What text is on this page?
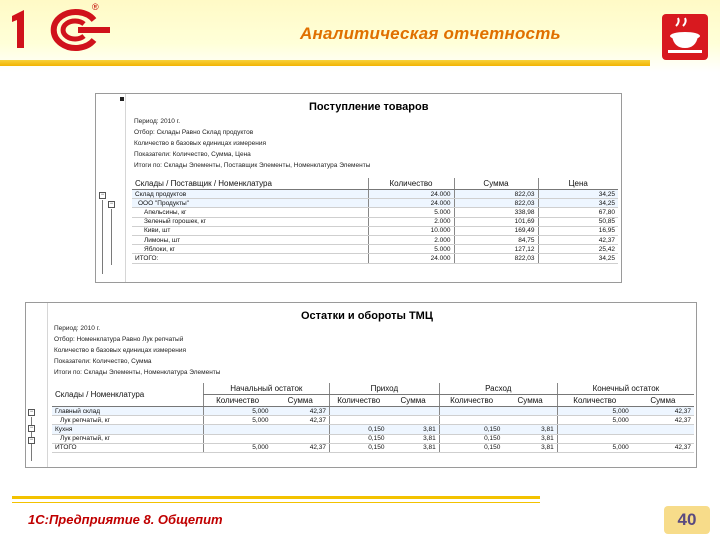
®
Аналитическая отчетность
−
−
Поступление товаров
Период: 2010 г.
Отбор: Склады Равно Склад продуктов
Количество в базовых единицах измерения
Показатели: Количество, Сумма, Цена
Итоги по: Склады Элементы, Поставщик Элементы, Номенклатура Элементы
Склады / Поставщик / Номенклатура	Количество	Сумма	Цена
Склад продуктов	24.000	822,03	34,25
ООО "Продукты"	24.000	822,03	34,25
Апельсины, кг	5.000	338,98	67,80
Зеленый горошек, кг	2.000	101,69	50,85
Киви, шт	10.000	169,49	16,95
Лимоны, шт	2.000	84,75	42,37
Яблоки, кг	5.000	127,12	25,42
ИТОГО:	24.000	822,03	34,25
−
−
−
Остатки и обороты ТМЦ
Период: 2010 г.
Отбор: Номенклатура Равно Лук репчатый
Количество в базовых единицах измерения
Показатели: Количество, Сумма
Итоги по: Склады Элементы, Номенклатура Элементы
Склады / Номенклатура	Начальный остаток		Приход		Расход		Конечный остаток	
	Количество	Сумма	Количество	Сумма	Количество	Сумма	Количество	Сумма
Главный склад	5,000	42,37					5,000	42,37
Лук репчатый, кг	5,000	42,37					5,000	42,37
Кухня			0,150	3,81	0,150	3,81		
Лук репчатый, кг			0,150	3,81	0,150	3,81		
ИТОГО	5,000	42,37	0,150	3,81	0,150	3,81	5,000	42,37
1С:Предприятие 8. Общепит	40
